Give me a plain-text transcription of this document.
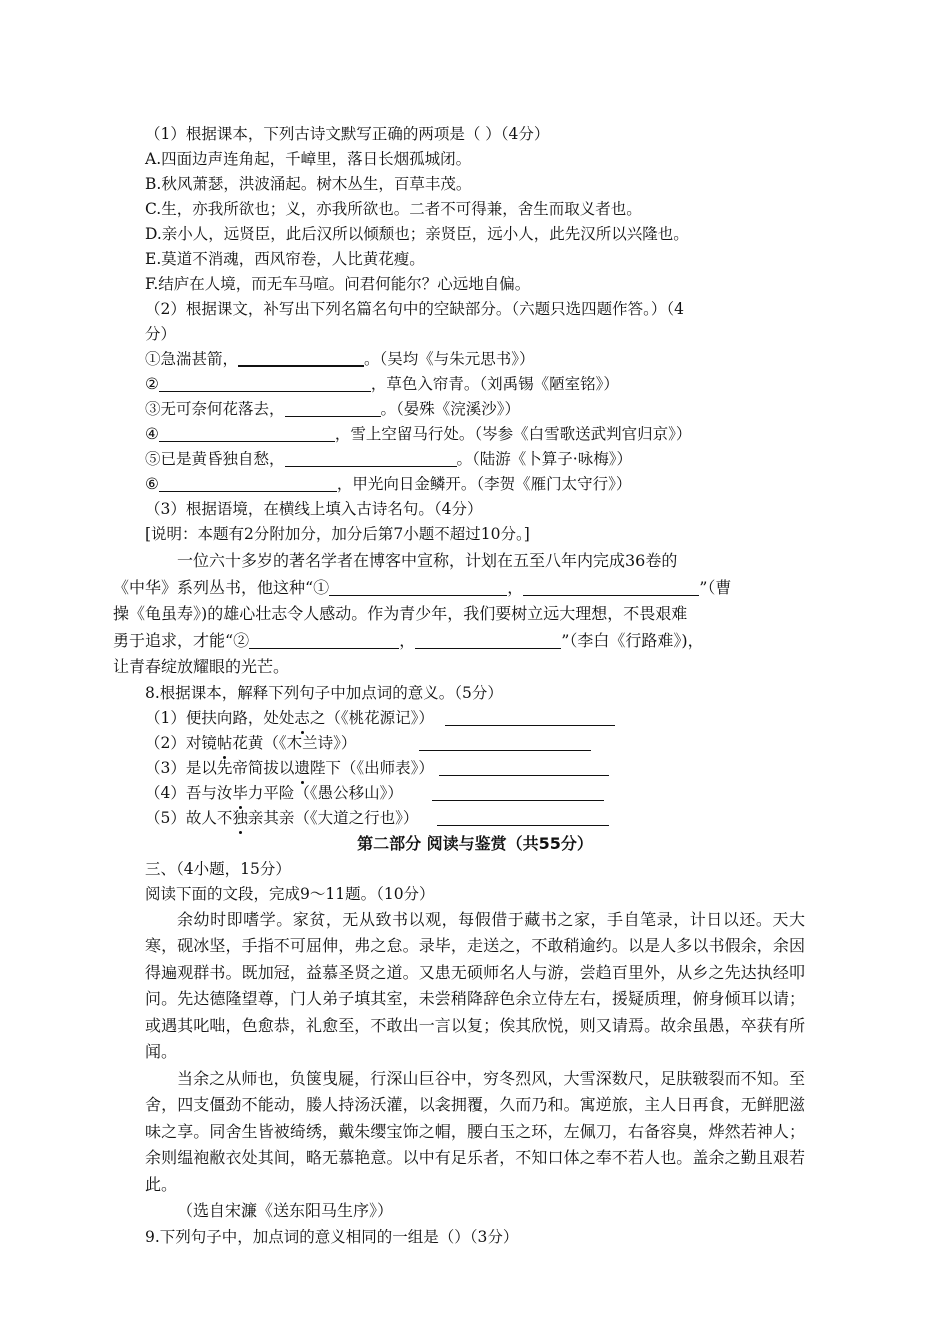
（1）根据课本，下列古诗文默写正确的两项是（ ）（4分）
A.四面边声连角起，千嶂里，落日长烟孤城闭。
B.秋风萧瑟，洪波涌起。树木丛生，百草丰茂。
C.生，亦我所欲也；义，亦我所欲也。二者不可得兼，舍生而取义者也。
D.亲小人，远贤臣，此后汉所以倾颓也；亲贤臣，远小人，此先汉所以兴隆也。
E.莫道不消魂，西风帘卷，人比黄花瘦。
F.结庐在人境，而无车马喧。问君何能尔？心远地自偏。
（2）根据课文，补写出下列名篇名句中的空缺部分。（六题只选四题作答。）（4
分）
①急湍甚箭，	。（吴均《与朱元思书》）
②	，草色入帘青。（刘禹锡《陋室铭》）
③无可奈何花落去，	。（晏殊《浣溪沙》）
④	，雪上空留马行处。（岑参《白雪歌送武判官归京》）
⑤已是黄昏独自愁，	。（陆游《卜算子·咏梅》）
⑥	，甲光向日金鳞开。（李贺《雁门太守行》）
（3）根据语境，在横线上填入古诗名句。（4分）
[说明：本题有2分附加分，加分后第7小题不超过10分。]
一位六十多岁的著名学者在博客中宣称，计划在五至八年内完成36卷的
《中华》系列丛书，他这种“①	，	”（曹
操《龟虽寿》)的雄心壮志令人感动。作为青少年，我们要树立远大理想，不畏艰难
勇于追求，才能“②	，	”（李白《行路难》)，
让青春绽放耀眼的光芒。
8.根据课本，解释下列句子中加点词的意义。（5分）
（1）便扶向路，处处志之（《桃花源记》）
（2）对镜帖花黄（《木兰诗》）
（3）是以先帝简拔以遗陛下（《出师表》）
（4）吾与汝毕力平险（《愚公移山》）
（5）故人不独亲其亲（《大道之行也》）
第二部分 阅读与鉴赏（共55分）
三、（4小题，15分）
阅读下面的文段，完成9～11题。（10分）
余幼时即嗜学。家贫，无从致书以观，每假借于藏书之家，手自笔录，计日以还。天大寒，砚冰坚，手指不可屈伸，弗之怠。录毕，走送之，不敢稍逾约。以是人多以书假余，余因得遍观群书。既加冠，益慕圣贤之道。又患无硕师名人与游，尝趋百里外，从乡之先达执经叩问。先达德隆望尊，门人弟子填其室，未尝稍降辞色余立侍左右，援疑质理，俯身倾耳以请；或遇其叱咄，色愈恭，礼愈至，不敢出一言以复；俟其欣悦，则又请焉。故余虽愚，卒获有所闻。
当余之从师也，负箧曳屣，行深山巨谷中，穷冬烈风，大雪深数尺，足肤皲裂而不知。至舍，四支僵劲不能动，媵人持汤沃灌，以衾拥覆，久而乃和。寓逆旅，主人日再食，无鲜肥滋味之享。同舍生皆被绮绣，戴朱缨宝饰之帽，腰白玉之环，左佩刀，右备容臭，烨然若神人；余则缊袍敝衣处其间，略无慕艳意。以中有足乐者，不知口体之奉不若人也。盖余之勤且艰若此。
（选自宋濂《送东阳马生序》）
9.下列句子中，加点词的意义相同的一组是（）（3分）
